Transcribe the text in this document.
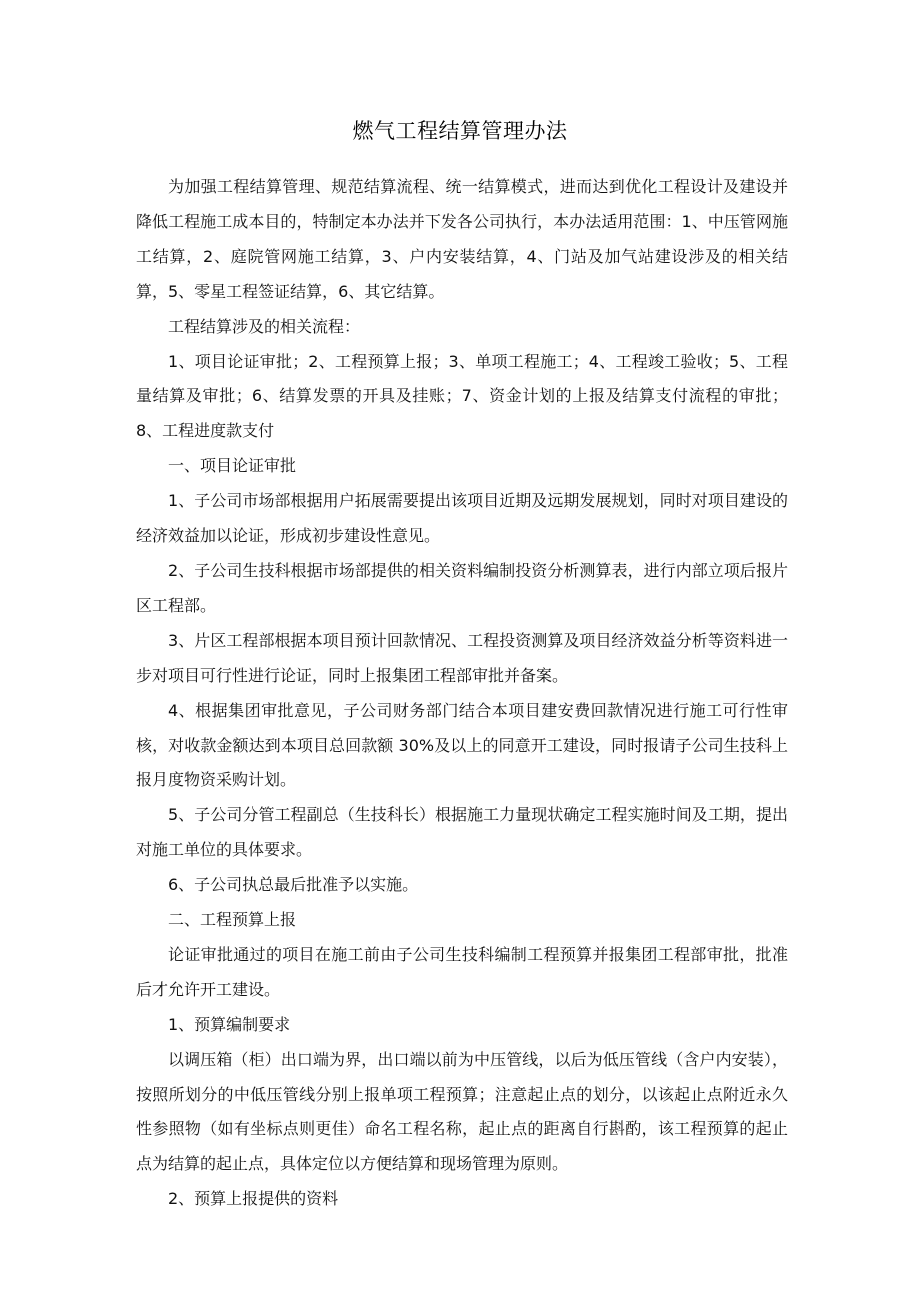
燃气工程结算管理办法

为加强工程结算管理、规范结算流程、统一结算模式，进而达到优化工程设计及建设并降低工程施工成本目的，特制定本办法并下发各公司执行，本办法适用范围：1、中压管网施工结算，2、庭院管网施工结算，3、户内安装结算，4、门站及加气站建设涉及的相关结算，5、零星工程签证结算，6、其它结算。

工程结算涉及的相关流程：

1、项目论证审批；2、工程预算上报；3、单项工程施工；4、工程竣工验收；5、工程量结算及审批；6、结算发票的开具及挂账；7、资金计划的上报及结算支付流程的审批；8、工程进度款支付

一、项目论证审批

1、子公司市场部根据用户拓展需要提出该项目近期及远期发展规划，同时对项目建设的经济效益加以论证，形成初步建设性意见。

2、子公司生技科根据市场部提供的相关资料编制投资分析测算表，进行内部立项后报片区工程部。

3、片区工程部根据本项目预计回款情况、工程投资测算及项目经济效益分析等资料进一步对项目可行性进行论证，同时上报集团工程部审批并备案。

4、根据集团审批意见，子公司财务部门结合本项目建安费回款情况进行施工可行性审核，对收款金额达到本项目总回款额 30%及以上的同意开工建设，同时报请子公司生技科上报月度物资采购计划。

5、子公司分管工程副总（生技科长）根据施工力量现状确定工程实施时间及工期，提出对施工单位的具体要求。

6、子公司执总最后批准予以实施。

二、工程预算上报

论证审批通过的项目在施工前由子公司生技科编制工程预算并报集团工程部审批，批准后才允许开工建设。

1、预算编制要求

以调压箱（柜）出口端为界，出口端以前为中压管线，以后为低压管线（含户内安装），按照所划分的中低压管线分别上报单项工程预算；注意起止点的划分，以该起止点附近永久性参照物（如有坐标点则更佳）命名工程名称，起止点的距离自行斟酌，该工程预算的起止点为结算的起止点，具体定位以方便结算和现场管理为原则。

2、预算上报提供的资料
